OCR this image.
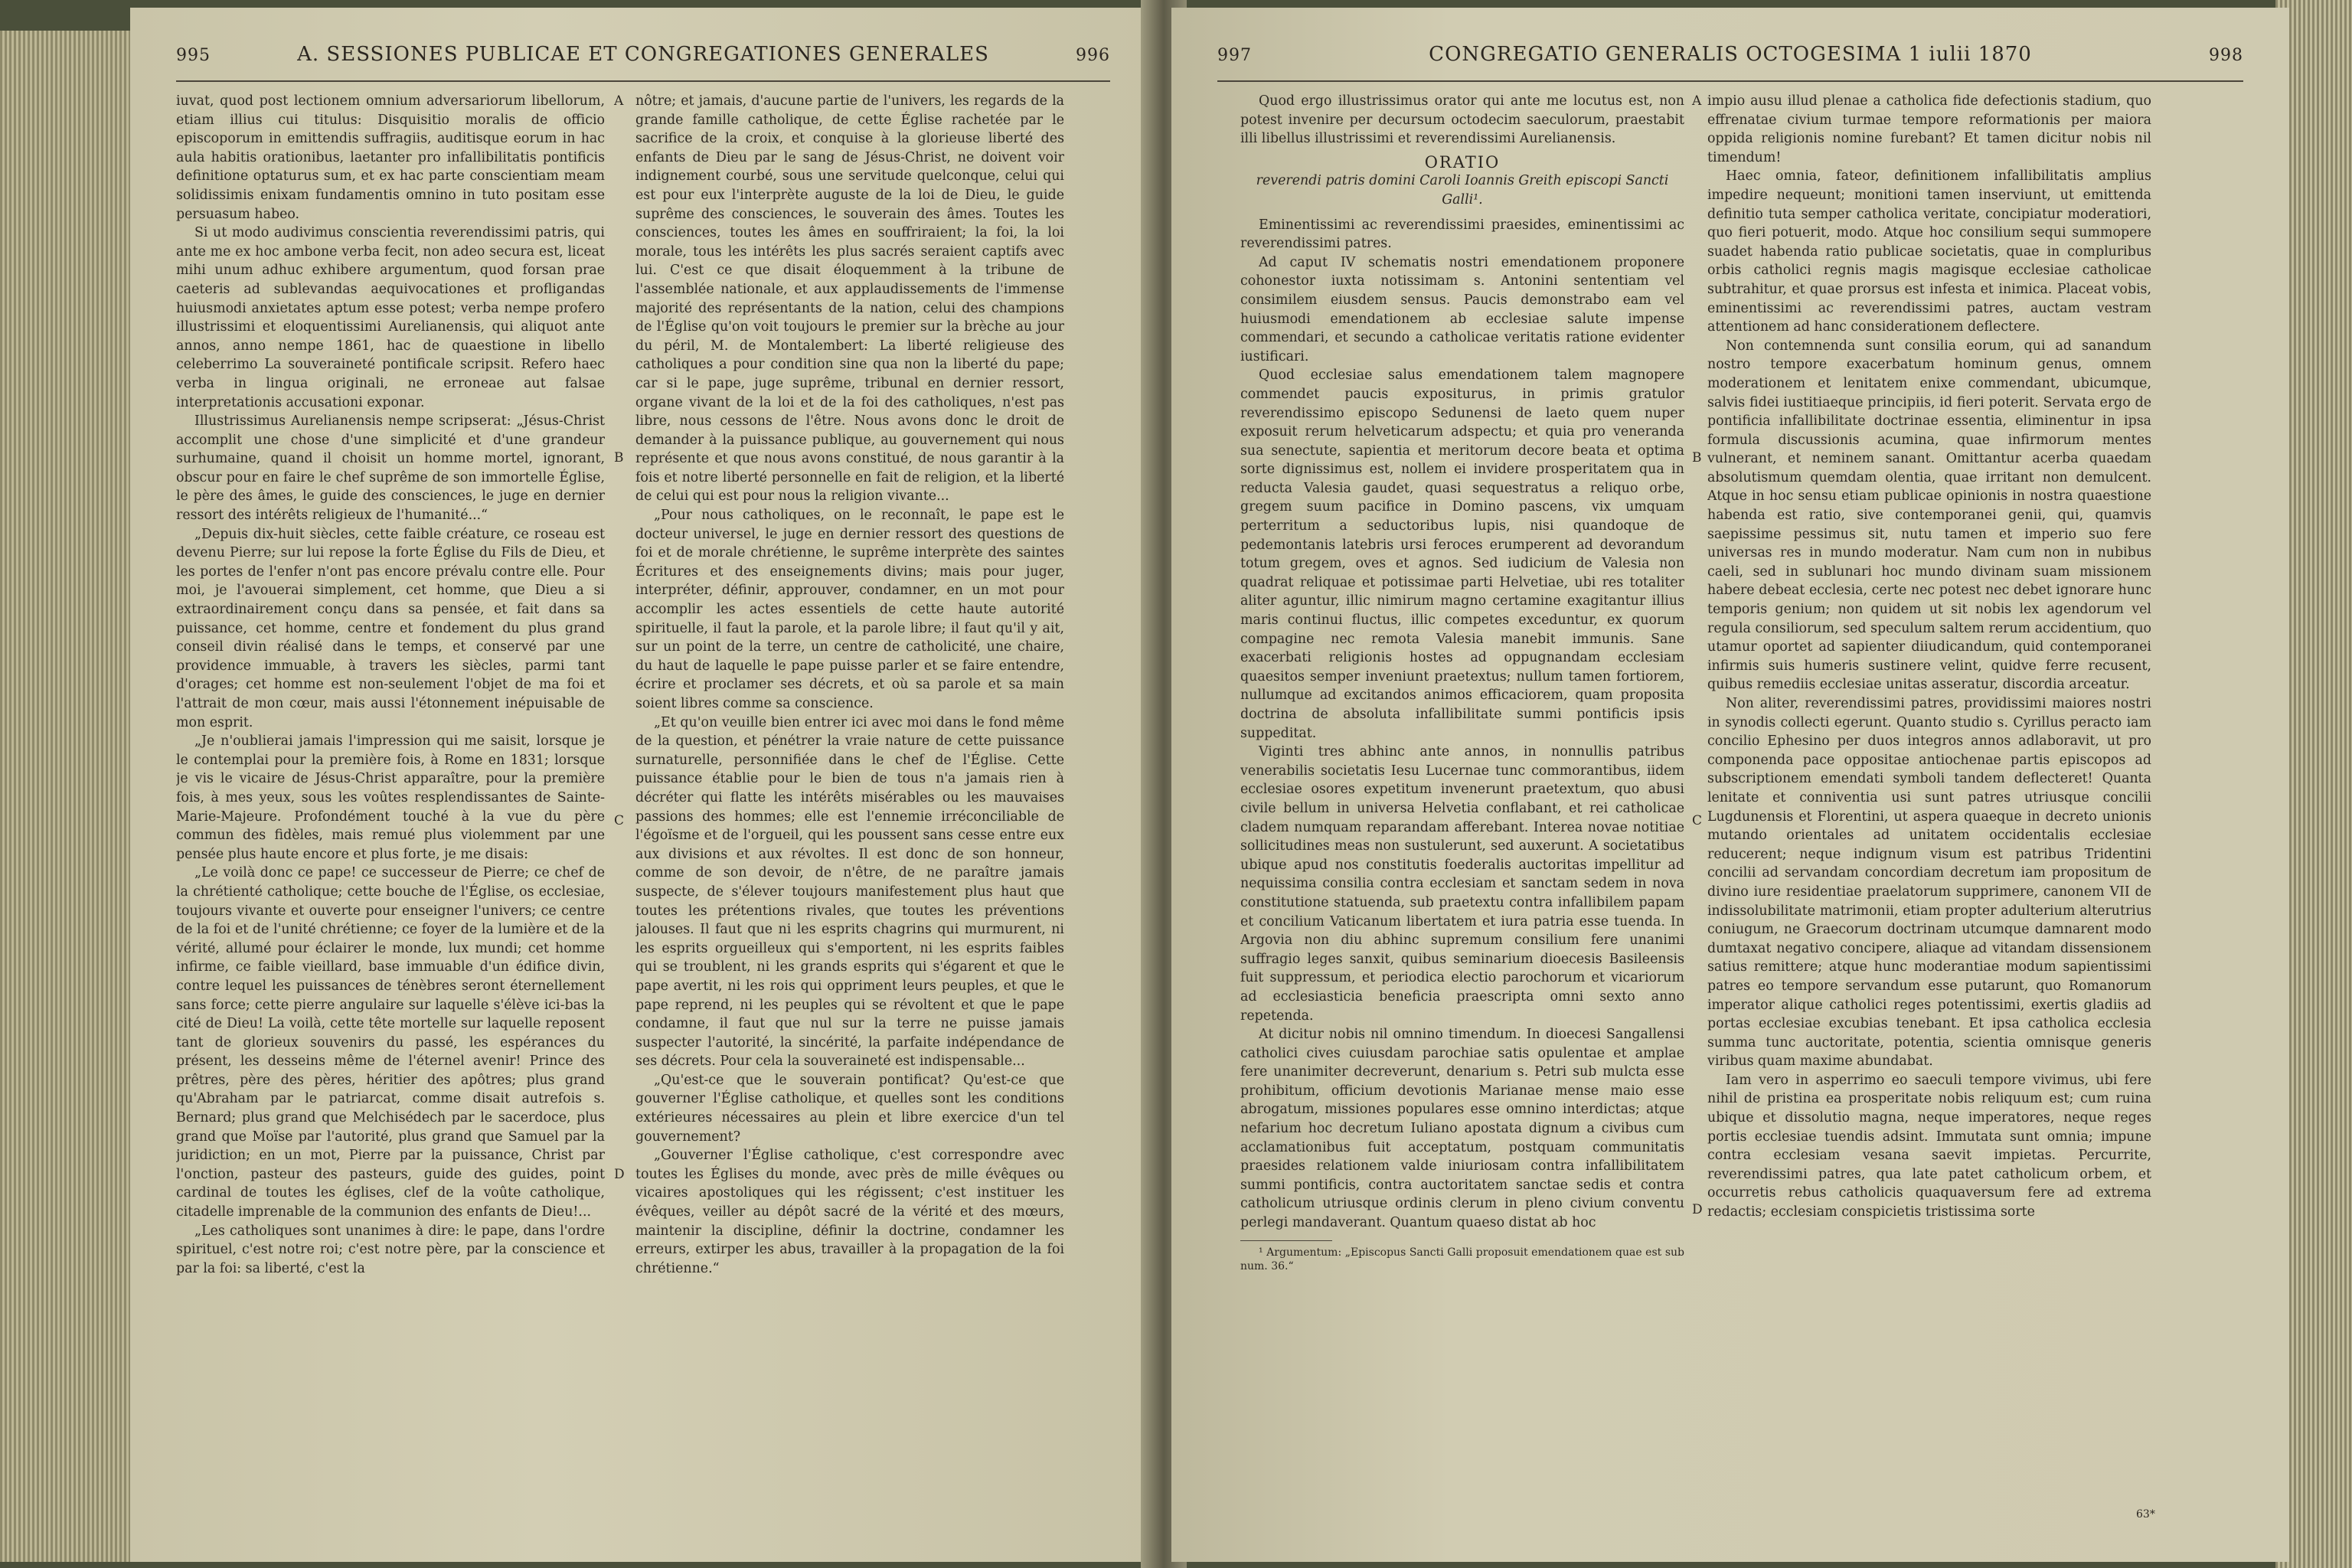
995	A. SESSIONES PUBLICAE ET CONGREGATIONES GENERALES	996

iuvat, quod post lectionem omnium adversariorum libellorum, etiam illius cui titulus: Disquisitio moralis de officio episcoporum in emittendis suffragiis, auditisque eorum in hac aula habitis orationibus, laetanter pro infallibilitatis pontificis definitione optaturus sum, et ex hac parte conscientiam meam solidissimis enixam fundamentis omnino in tuto positam esse persuasum habeo.

Si ut modo audivimus conscientia reverendissimi patris, qui ante me ex hoc ambone verba fecit, non adeo secura est, liceat mihi unum adhuc exhibere argumentum, quod forsan prae caeteris ad sublevandas aequivocationes et profligandas huiusmodi anxietates aptum esse potest; verba nempe profero illustrissimi et eloquentissimi Aurelianensis, qui aliquot ante annos, anno nempe 1861, hac de quaestione in libello celeberrimo La souveraineté pontificale scripsit. Refero haec verba in lingua originali, ne erroneae aut falsae interpretationis accusationi exponar.

Illustrissimus Aurelianensis nempe scripserat: „Jésus-Christ accomplit une chose d'une simplicité et d'une grandeur surhumaine, quand il choisit un homme mortel, ignorant, obscur pour en faire le chef suprême de son immortelle Église, le père des âmes, le guide des consciences, le juge en dernier ressort des intérêts religieux de l'humanité...“

„Depuis dix-huit siècles, cette faible créature, ce roseau est devenu Pierre; sur lui repose la forte Église du Fils de Dieu, et les portes de l'enfer n'ont pas encore prévalu contre elle. Pour moi, je l'avouerai simplement, cet homme, que Dieu a si extraordinairement conçu dans sa pensée, et fait dans sa puissance, cet homme, centre et fondement du plus grand conseil divin réalisé dans le temps, et conservé par une providence immuable, à travers les siècles, parmi tant d'orages; cet homme est non-seulement l'objet de ma foi et l'attrait de mon cœur, mais aussi l'étonnement inépuisable de mon esprit.

„Je n'oublierai jamais l'impression qui me saisit, lorsque je le contemplai pour la première fois, à Rome en 1831; lorsque je vis le vicaire de Jésus-Christ apparaître, pour la première fois, à mes yeux, sous les voûtes resplendissantes de Sainte-Marie-Majeure. Profondément touché à la vue du père commun des fidèles, mais remué plus violemment par une pensée plus haute encore et plus forte, je me disais:

„Le voilà donc ce pape! ce successeur de Pierre; ce chef de la chrétienté catholique; cette bouche de l'Église, os ecclesiae, toujours vivante et ouverte pour enseigner l'univers; ce centre de la foi et de l'unité chrétienne; ce foyer de la lumière et de la vérité, allumé pour éclairer le monde, lux mundi; cet homme infirme, ce faible vieillard, base immuable d'un édifice divin, contre lequel les puissances de ténèbres seront éternellement sans force; cette pierre angulaire sur laquelle s'élève ici-bas la cité de Dieu! La voilà, cette tête mortelle sur laquelle reposent tant de glorieux souvenirs du passé, les espérances du présent, les desseins même de l'éternel avenir! Prince des prêtres, père des pères, héritier des apôtres; plus grand qu'Abraham par le patriarcat, comme disait autrefois s. Bernard; plus grand que Melchisédech par le sacerdoce, plus grand que Moïse par l'autorité, plus grand que Samuel par la juridiction; en un mot, Pierre par la puissance, Christ par l'onction, pasteur des pasteurs, guide des guides, point cardinal de toutes les églises, clef de la voûte catholique, citadelle imprenable de la communion des enfants de Dieu!...

„Les catholiques sont unanimes à dire: le pape, dans l'ordre spirituel, c'est notre roi; c'est notre père, par la conscience et par la foi: sa liberté, c'est la

A
B
C
D

nôtre; et jamais, d'aucune partie de l'univers, les regards de la grande famille catholique, de cette Église rachetée par le sacrifice de la croix, et conquise à la glorieuse liberté des enfants de Dieu par le sang de Jésus-Christ, ne doivent voir indignement courbé, sous une servitude quelconque, celui qui est pour eux l'interprète auguste de la loi de Dieu, le guide suprême des consciences, le souverain des âmes. Toutes les consciences, toutes les âmes en souffriraient; la foi, la loi morale, tous les intérêts les plus sacrés seraient captifs avec lui. C'est ce que disait éloquemment à la tribune de l'assemblée nationale, et aux applaudissements de l'immense majorité des représentants de la nation, celui des champions de l'Église qu'on voit toujours le premier sur la brèche au jour du péril, M. de Montalembert: La liberté religieuse des catholiques a pour condition sine qua non la liberté du pape; car si le pape, juge suprême, tribunal en dernier ressort, organe vivant de la loi et de la foi des catholiques, n'est pas libre, nous cessons de l'être. Nous avons donc le droit de demander à la puissance publique, au gouvernement qui nous représente et que nous avons constitué, de nous garantir à la fois et notre liberté personnelle en fait de religion, et la liberté de celui qui est pour nous la religion vivante...

„Pour nous catholiques, on le reconnaît, le pape est le docteur universel, le juge en dernier ressort des questions de foi et de morale chrétienne, le suprême interprète des saintes Écritures et des enseignements divins; mais pour juger, interpréter, définir, approuver, condamner, en un mot pour accomplir les actes essentiels de cette haute autorité spirituelle, il faut la parole, et la parole libre; il faut qu'il y ait, sur un point de la terre, un centre de catholicité, une chaire, du haut de laquelle le pape puisse parler et se faire entendre, écrire et proclamer ses décrets, et où sa parole et sa main soient libres comme sa conscience.

„Et qu'on veuille bien entrer ici avec moi dans le fond même de la question, et pénétrer la vraie nature de cette puissance surnaturelle, personnifiée dans le chef de l'Église. Cette puissance établie pour le bien de tous n'a jamais rien à décréter qui flatte les intérêts misérables ou les mauvaises passions des hommes; elle est l'ennemie irréconciliable de l'égoïsme et de l'orgueil, qui les poussent sans cesse entre eux aux divisions et aux révoltes. Il est donc de son honneur, comme de son devoir, de n'être, de ne paraître jamais suspecte, de s'élever toujours manifestement plus haut que toutes les prétentions rivales, que toutes les préventions jalouses. Il faut que ni les esprits chagrins qui murmurent, ni les esprits orgueilleux qui s'emportent, ni les esprits faibles qui se troublent, ni les grands esprits qui s'égarent et que le pape avertit, ni les rois qui oppriment leurs peuples, et que le pape reprend, ni les peuples qui se révoltent et que le pape condamne, il faut que nul sur la terre ne puisse jamais suspecter l'autorité, la sincérité, la parfaite indépendance de ses décrets. Pour cela la souveraineté est indispensable...

„Qu'est-ce que le souverain pontificat? Qu'est-ce que gouverner l'Église catholique, et quelles sont les conditions extérieures nécessaires au plein et libre exercice d'un tel gouvernement?

„Gouverner l'Église catholique, c'est correspondre avec toutes les Églises du monde, avec près de mille évêques ou vicaires apostoliques qui les régissent; c'est instituer les évêques, veiller au dépôt sacré de la vérité et des mœurs, maintenir la discipline, définir la doctrine, condamner les erreurs, extirper les abus, travailler à la propagation de la foi chrétienne.“

997	CONGREGATIO GENERALIS OCTOGESIMA 1 iulii 1870	998

Quod ergo illustrissimus orator qui ante me locutus est, non potest invenire per decursum octodecim saeculorum, praestabit illi libellus illustrissimi et reverendissimi Aurelianensis.

ORATIO
reverendi patris domini Caroli Ioannis Greith episcopi Sancti Galli¹.

Eminentissimi ac reverendissimi praesides, eminentissimi ac reverendissimi patres.

Ad caput IV schematis nostri emendationem proponere cohonestor iuxta notissimam s. Antonini sententiam vel consimilem eiusdem sensus. Paucis demonstrabo eam vel huiusmodi emendationem ab ecclesiae salute impense commendari, et secundo a catholicae veritatis ratione evidenter iustificari.

Quod ecclesiae salus emendationem talem magnopere commendet paucis expositurus, in primis gratulor reverendissimo episcopo Sedunensi de laeto quem nuper exposuit rerum helveticarum adspectu; et quia pro veneranda sua senectute, sapientia et meritorum decore beata et optima sorte dignissimus est, nollem ei invidere prosperitatem qua in reducta Valesia gaudet, quasi sequestratus a reliquo orbe, gregem suum pacifice in Domino pascens, vix umquam perterritum a seductoribus lupis, nisi quandoque de pedemontanis latebris ursi feroces erumperent ad devorandum totum gregem, oves et agnos. Sed iudicium de Valesia non quadrat reliquae et potissimae parti Helvetiae, ubi res totaliter aliter aguntur, illic nimirum magno certamine exagitantur illius maris continui fluctus, illic competes exceduntur, ex quorum compagine nec remota Valesia manebit immunis. Sane exacerbati religionis hostes ad oppugnandam ecclesiam quaesitos semper inveniunt praetextus; nullum tamen fortiorem, nullumque ad excitandos animos efficaciorem, quam proposita doctrina de absoluta infallibilitate summi pontificis ipsis suppeditat.

Viginti tres abhinc ante annos, in nonnullis patribus venerabilis societatis Iesu Lucernae tunc commorantibus, iidem ecclesiae osores expetitum invenerunt praetextum, quo abusi civile bellum in universa Helvetia conflabant, et rei catholicae cladem numquam reparandam afferebant. Interea novae notitiae sollicitudines meas non sustulerunt, sed auxerunt. A societatibus ubique apud nos constitutis foederalis auctoritas impellitur ad nequissima consilia contra ecclesiam et sanctam sedem in nova constitutione statuenda, sub praetextu contra infallibilem papam et concilium Vaticanum libertatem et iura patria esse tuenda. In Argovia non diu abhinc supremum consilium fere unanimi suffragio leges sanxit, quibus seminarium dioecesis Basileensis fuit suppressum, et periodica electio parochorum et vicariorum ad ecclesiasticia beneficia praescripta omni sexto anno repetenda.

At dicitur nobis nil omnino timendum. In dioecesi Sangallensi catholici cives cuiusdam parochiae satis opulentae et amplae fere unanimiter decreverunt, denarium s. Petri sub mulcta esse prohibitum, officium devotionis Marianae mense maio esse abrogatum, missiones populares esse omnino interdictas; atque nefarium hoc decretum Iuliano apostata dignum a civibus cum acclamationibus fuit acceptatum, postquam communitatis praesides relationem valde iniuriosam contra infallibilitatem summi pontificis, contra auctoritatem sanctae sedis et contra catholicum utriusque ordinis clerum in pleno civium conventu perlegi mandaverant. Quantum quaeso distat ab hoc

¹ Argumentum: „Episcopus Sancti Galli proposuit emendationem quae est sub num. 36.“
A
B
C
D

impio ausu illud plenae a catholica fide defectionis stadium, quo effrenatae civium turmae tempore reformationis per maiora oppida religionis nomine furebant? Et tamen dicitur nobis nil timendum!

Haec omnia, fateor, definitionem infallibilitatis amplius impedire nequeunt; monitioni tamen inserviunt, ut emittenda definitio tuta semper catholica veritate, concipiatur moderatiori, quo fieri potuerit, modo. Atque hoc consilium sequi summopere suadet habenda ratio publicae societatis, quae in compluribus orbis catholici regnis magis magisque ecclesiae catholicae subtrahitur, et quae prorsus est infesta et inimica. Placeat vobis, eminentissimi ac reverendissimi patres, auctam vestram attentionem ad hanc considerationem deflectere.

Non contemnenda sunt consilia eorum, qui ad sanandum nostro tempore exacerbatum hominum genus, omnem moderationem et lenitatem enixe commendant, ubicumque, salvis fidei iustitiaeque principiis, id fieri poterit. Servata ergo de pontificia infallibilitate doctrinae essentia, eliminentur in ipsa formula discussionis acumina, quae infirmorum mentes vulnerant, et neminem sanant. Omittantur acerba quaedam absolutismum quemdam olentia, quae irritant non demulcent. Atque in hoc sensu etiam publicae opinionis in nostra quaestione habenda est ratio, sive contemporanei genii, qui, quamvis saepissime pessimus sit, nutu tamen et imperio suo fere universas res in mundo moderatur. Nam cum non in nubibus caeli, sed in sublunari hoc mundo divinam suam missionem habere debeat ecclesia, certe nec potest nec debet ignorare hunc temporis genium; non quidem ut sit nobis lex agendorum vel regula consiliorum, sed speculum saltem rerum accidentium, quo utamur oportet ad sapienter diiudicandum, quid contemporanei infirmis suis humeris sustinere velint, quidve ferre recusent, quibus remediis ecclesiae unitas asseratur, discordia arceatur.

Non aliter, reverendissimi patres, providissimi maiores nostri in synodis collecti egerunt. Quanto studio s. Cyrillus peracto iam concilio Ephesino per duos integros annos adlaboravit, ut pro componenda pace oppositae antiochenae partis episcopos ad subscriptionem emendati symboli tandem deflecteret! Quanta lenitate et conniventia usi sunt patres utriusque concilii Lugdunensis et Florentini, ut aspera quaeque in decreto unionis mutando orientales ad unitatem occidentalis ecclesiae reducerent; neque indignum visum est patribus Tridentini concilii ad servandam concordiam decretum iam propositum de divino iure residentiae praelatorum supprimere, canonem VII de indissolubilitate matrimonii, etiam propter adulterium alterutrius coniugum, ne Graecorum doctrinam utcumque damnarent modo dumtaxat negativo concipere, aliaque ad vitandam dissensionem satius remittere; atque hunc moderantiae modum sapientissimi patres eo tempore servandum esse putarunt, quo Romanorum imperator alique catholici reges potentissimi, exertis gladiis ad portas ecclesiae excubias tenebant. Et ipsa catholica ecclesia summa tunc auctoritate, potentia, scientia omnisque generis viribus quam maxime abundabat.

Iam vero in asperrimo eo saeculi tempore vivimus, ubi fere nihil de pristina ea prosperitate nobis reliquum est; cum ruina ubique et dissolutio magna, neque imperatores, neque reges portis ecclesiae tuendis adsint. Immutata sunt omnia; impune contra ecclesiam vesana saevit impietas. Percurrite, reverendissimi patres, qua late patet catholicum orbem, et occurretis rebus catholicis quaquaversum fere ad extrema redactis; ecclesiam conspicietis tristissima sorte

63*
